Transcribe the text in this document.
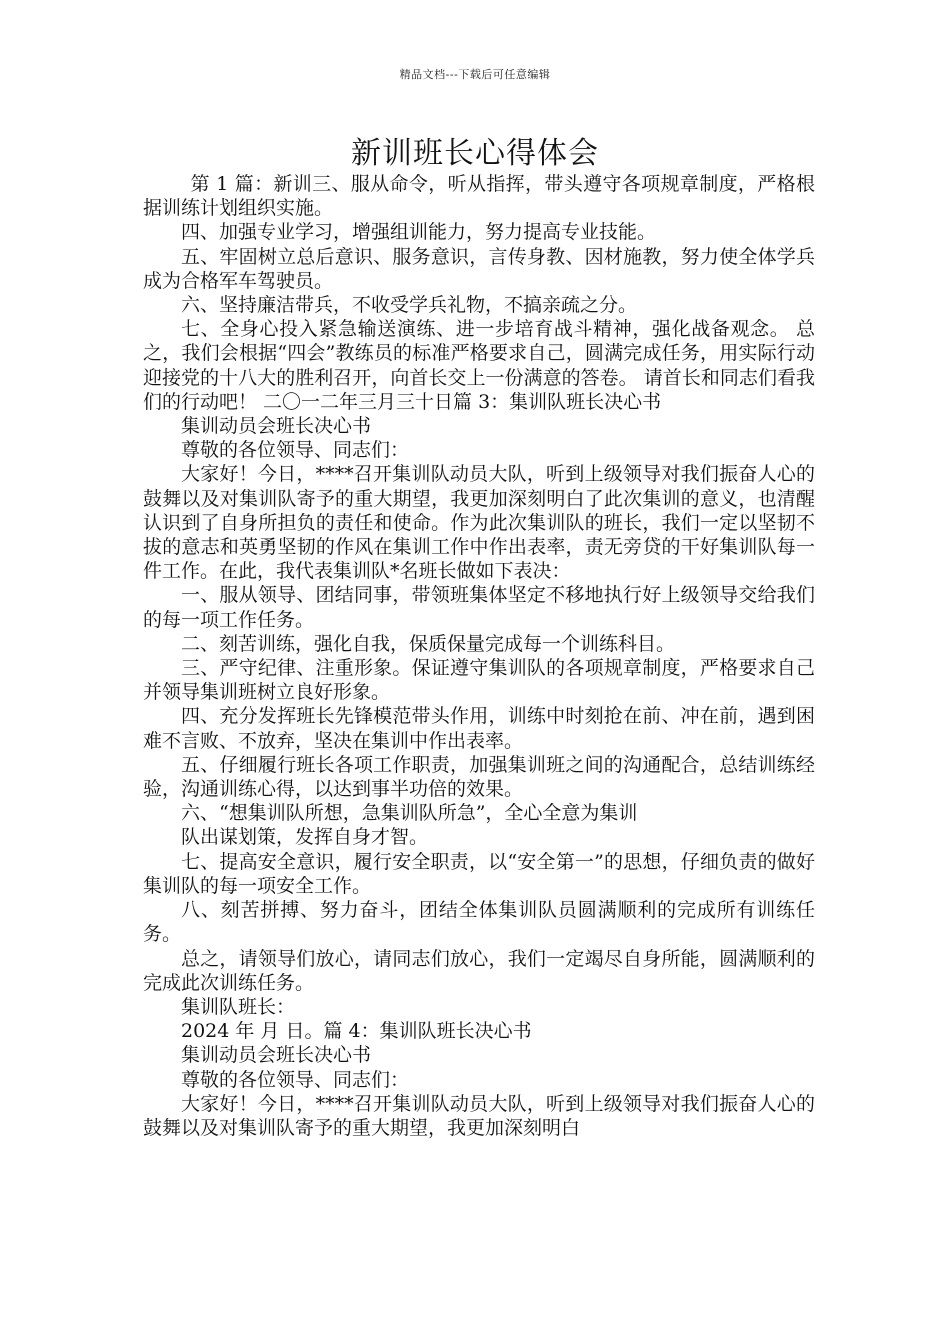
精品文档---下载后可任意编辑
新训班长心得体会

第 1 篇：新训三、服从命令，听从指挥，带头遵守各项规章制度，严格根据训练计划组织实施。

四、加强专业学习，增强组训能力，努力提高专业技能。

五、牢固树立总后意识、服务意识，言传身教、因材施教，努力使全体学兵成为合格军车驾驶员。

六、坚持廉洁带兵，不收受学兵礼物，不搞亲疏之分。

七、全身心投入紧急输送演练、进一步培育战斗精神，强化战备观念。 总之，我们会根据“四会”教练员的标准严格要求自己，圆满完成任务，用实际行动迎接党的十八大的胜利召开，向首长交上一份满意的答卷。 请首长和同志们看我们的行动吧！ 二〇一二年三月三十日篇 3：集训队班长决心书

集训动员会班长决心书

尊敬的各位领导、同志们：

大家好！今日，****召开集训队动员大队，听到上级领导对我们振奋人心的鼓舞以及对集训队寄予的重大期望，我更加深刻明白了此次集训的意义，也清醒认识到了自身所担负的责任和使命。作为此次集训队的班长，我们一定以坚韧不拔的意志和英勇坚韧的作风在集训工作中作出表率，责无旁贷的干好集训队每一件工作。在此，我代表集训队*名班长做如下表决：

一、服从领导、团结同事，带领班集体坚定不移地执行好上级领导交给我们的每一项工作任务。

二、刻苦训练，强化自我，保质保量完成每一个训练科目。

三、严守纪律、注重形象。保证遵守集训队的各项规章制度，严格要求自己并领导集训班树立良好形象。

四、充分发挥班长先锋模范带头作用，训练中时刻抢在前、冲在前，遇到困难不言败、不放弃，坚决在集训中作出表率。

五、仔细履行班长各项工作职责，加强集训班之间的沟通配合，总结训练经验，沟通训练心得，以达到事半功倍的效果。

六、“想集训队所想，急集训队所急”，全心全意为集训

队出谋划策，发挥自身才智。

七、提高安全意识，履行安全职责，以“安全第一”的思想，仔细负责的做好集训队的每一项安全工作。

八、刻苦拼搏、努力奋斗，团结全体集训队员圆满顺利的完成所有训练任务。

总之，请领导们放心，请同志们放心，我们一定竭尽自身所能，圆满顺利的完成此次训练任务。

集训队班长：

2024 年 月 日。篇 4：集训队班长决心书

集训动员会班长决心书

尊敬的各位领导、同志们：

大家好！今日，****召开集训队动员大队，听到上级领导对我们振奋人心的鼓舞以及对集训队寄予的重大期望，我更加深刻明白
